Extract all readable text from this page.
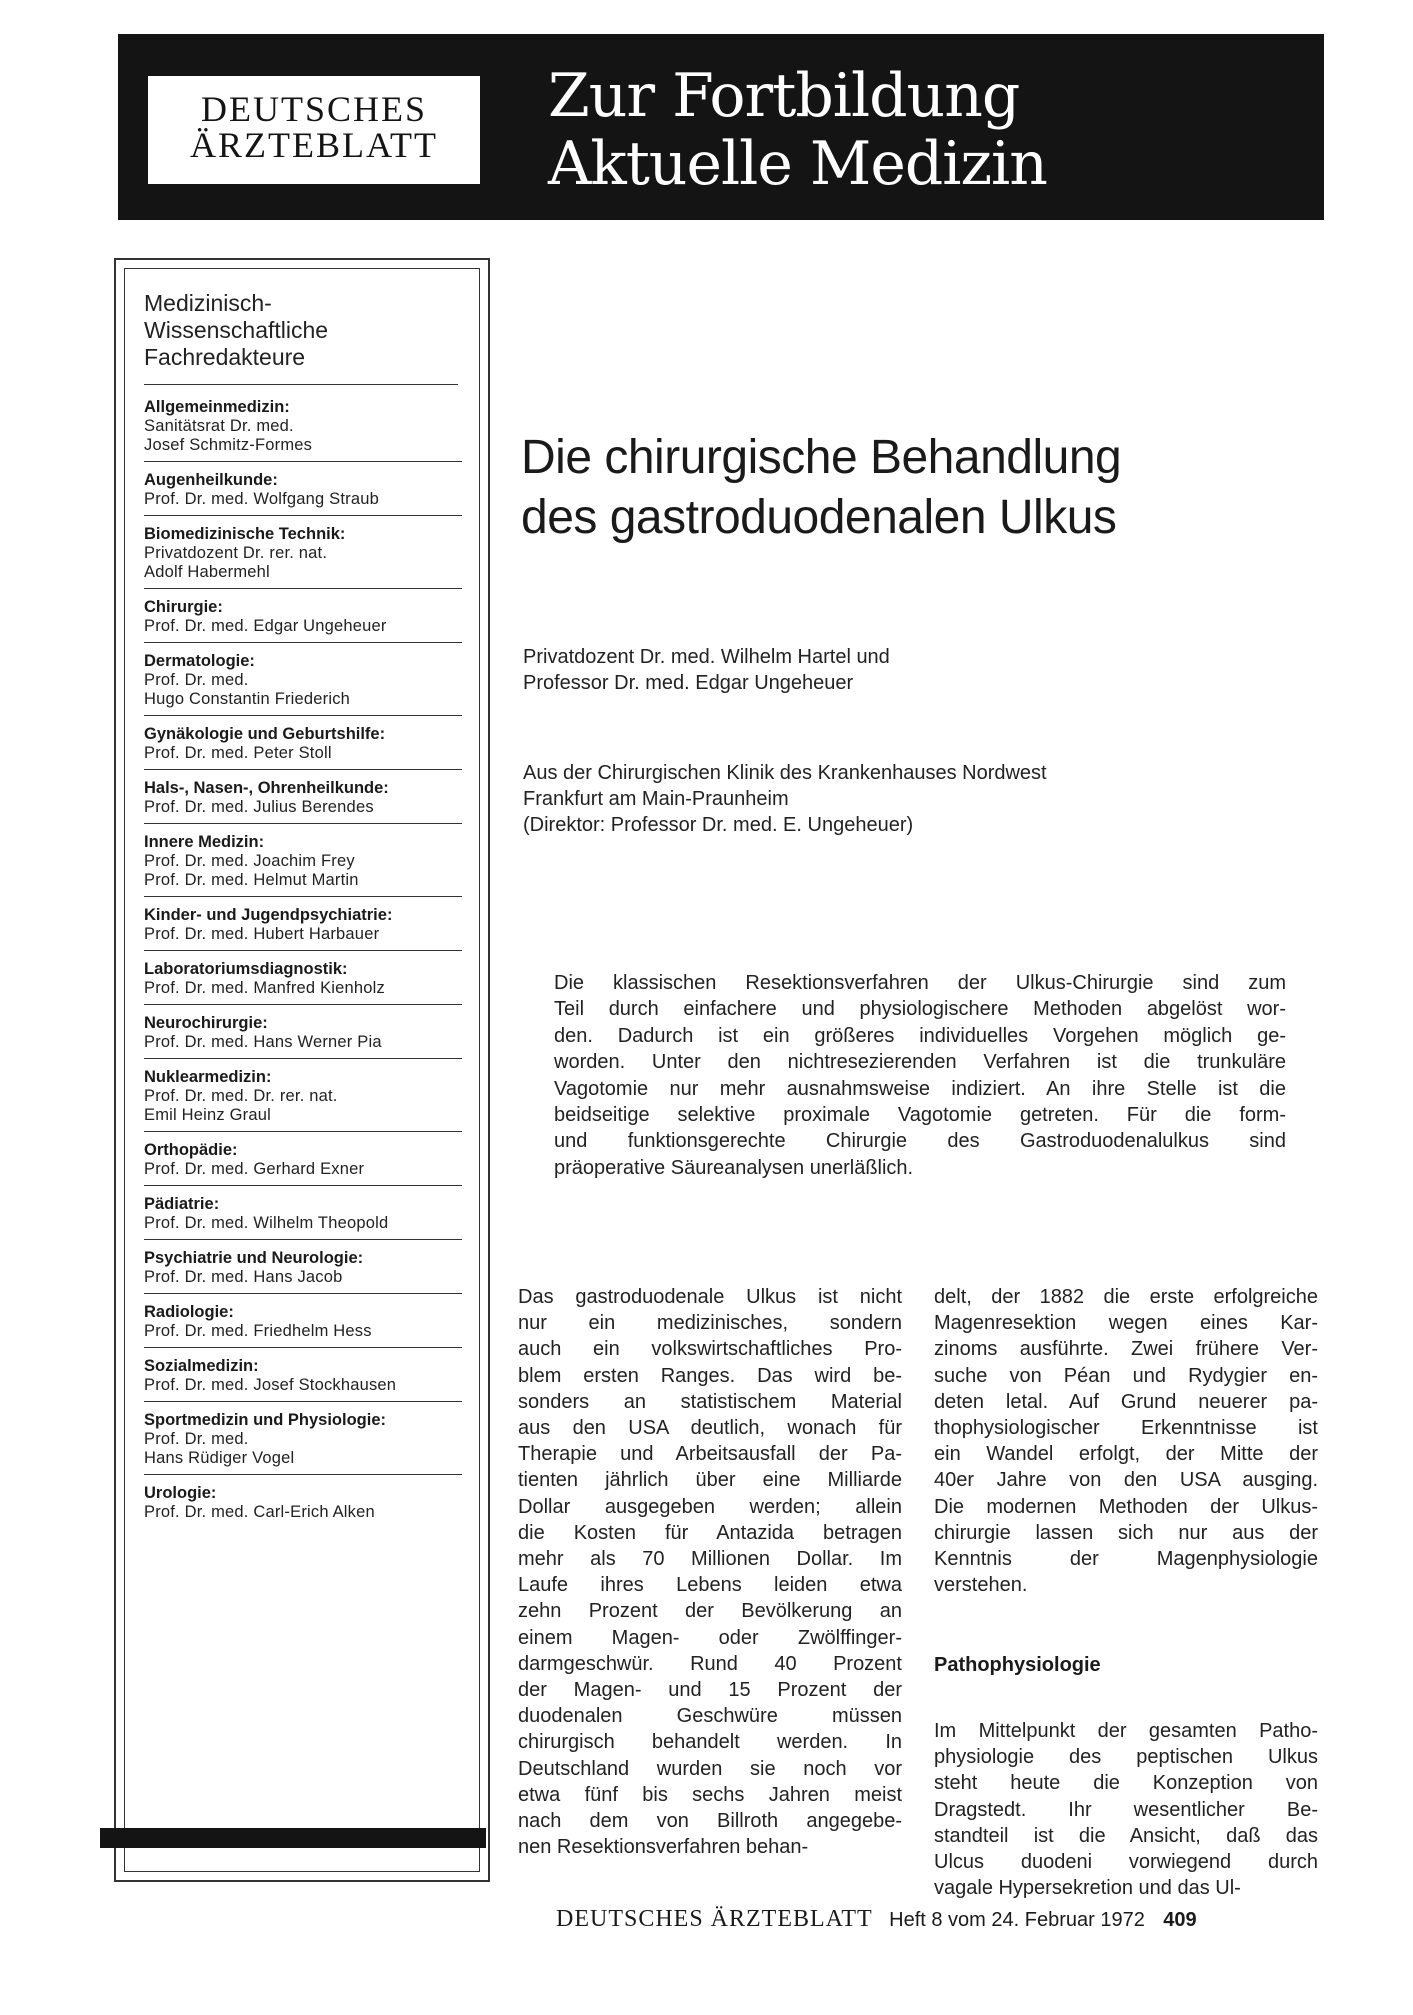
DEUTSCHES
ÄRZTEBLATT
Zur Fortbildung
Aktuelle Medizin
Medizinisch-
Wissenschaftliche
Fachredakteure
Allgemeinmedizin:
Sanitätsrat Dr. med.
Josef Schmitz-Formes
Augenheilkunde:
Prof. Dr. med. Wolfgang Straub
Biomedizinische Technik:
Privatdozent Dr. rer. nat.
Adolf Habermehl
Chirurgie:
Prof. Dr. med. Edgar Ungeheuer
Dermatologie:
Prof. Dr. med.
Hugo Constantin Friederich
Gynäkologie und Geburtshilfe:
Prof. Dr. med. Peter Stoll
Hals-, Nasen-, Ohrenheilkunde:
Prof. Dr. med. Julius Berendes
Innere Medizin:
Prof. Dr. med. Joachim Frey
Prof. Dr. med. Helmut Martin
Kinder- und Jugendpsychiatrie:
Prof. Dr. med. Hubert Harbauer
Laboratoriumsdiagnostik:
Prof. Dr. med. Manfred Kienholz
Neurochirurgie:
Prof. Dr. med. Hans Werner Pia
Nuklearmedizin:
Prof. Dr. med. Dr. rer. nat.
Emil Heinz Graul
Orthopädie:
Prof. Dr. med. Gerhard Exner
Pädiatrie:
Prof. Dr. med. Wilhelm Theopold
Psychiatrie und Neurologie:
Prof. Dr. med. Hans Jacob
Radiologie:
Prof. Dr. med. Friedhelm Hess
Sozialmedizin:
Prof. Dr. med. Josef Stockhausen
Sportmedizin und Physiologie:
Prof. Dr. med.
Hans Rüdiger Vogel
Urologie:
Prof. Dr. med. Carl-Erich Alken
Die chirurgische Behandlung
des gastroduodenalen Ulkus
Privatdozent Dr. med. Wilhelm Hartel und
Professor Dr. med. Edgar Ungeheuer
Aus der Chirurgischen Klinik des Krankenhauses Nordwest
Frankfurt am Main-Praunheim
(Direktor: Professor Dr. med. E. Ungeheuer)
Die klassischen Resektionsverfahren der Ulkus-Chirurgie sind zum
Teil durch einfachere und physiologischere Methoden abgelöst wor-
den. Dadurch ist ein größeres individuelles Vorgehen möglich ge-
worden. Unter den nichtresezierenden Verfahren ist die trunkuläre
Vagotomie nur mehr ausnahmsweise indiziert. An ihre Stelle ist die
beidseitige selektive proximale Vagotomie getreten. Für die form-
und funktionsgerechte Chirurgie des Gastroduodenalulkus sind
präoperative Säureanalysen unerläßlich.
Das gastroduodenale Ulkus ist nicht
nur ein medizinisches, sondern
auch ein volkswirtschaftliches Pro-
blem ersten Ranges. Das wird be-
sonders an statistischem Material
aus den USA deutlich, wonach für
Therapie und Arbeitsausfall der Pa-
tienten jährlich über eine Milliarde
Dollar ausgegeben werden; allein
die Kosten für Antazida betragen
mehr als 70 Millionen Dollar. Im
Laufe ihres Lebens leiden etwa
zehn Prozent der Bevölkerung an
einem Magen- oder Zwölffinger-
darmgeschwür. Rund 40 Prozent
der Magen- und 15 Prozent der
duodenalen Geschwüre müssen
chirurgisch behandelt werden. In
Deutschland wurden sie noch vor
etwa fünf bis sechs Jahren meist
nach dem von Billroth angegebe-
nen Resektionsverfahren behan-
delt, der 1882 die erste erfolgreiche
Magenresektion wegen eines Kar-
zinoms ausführte. Zwei frühere Ver-
suche von Péan und Rydygier en-
deten letal. Auf Grund neuerer pa-
thophysiologischer Erkenntnisse ist
ein Wandel erfolgt, der Mitte der
40er Jahre von den USA ausging.
Die modernen Methoden der Ulkus-
chirurgie lassen sich nur aus der
Kenntnis der Magenphysiologie
verstehen.
Pathophysiologie
Im Mittelpunkt der gesamten Patho-
physiologie des peptischen Ulkus
steht heute die Konzeption von
Dragstedt. Ihr wesentlicher Be-
standteil ist die Ansicht, daß das
Ulcus duodeni vorwiegend durch
vagale Hypersekretion und das Ul-
DEUTSCHES ÄRZTEBLATT Heft 8 vom 24. Februar 1972 409
